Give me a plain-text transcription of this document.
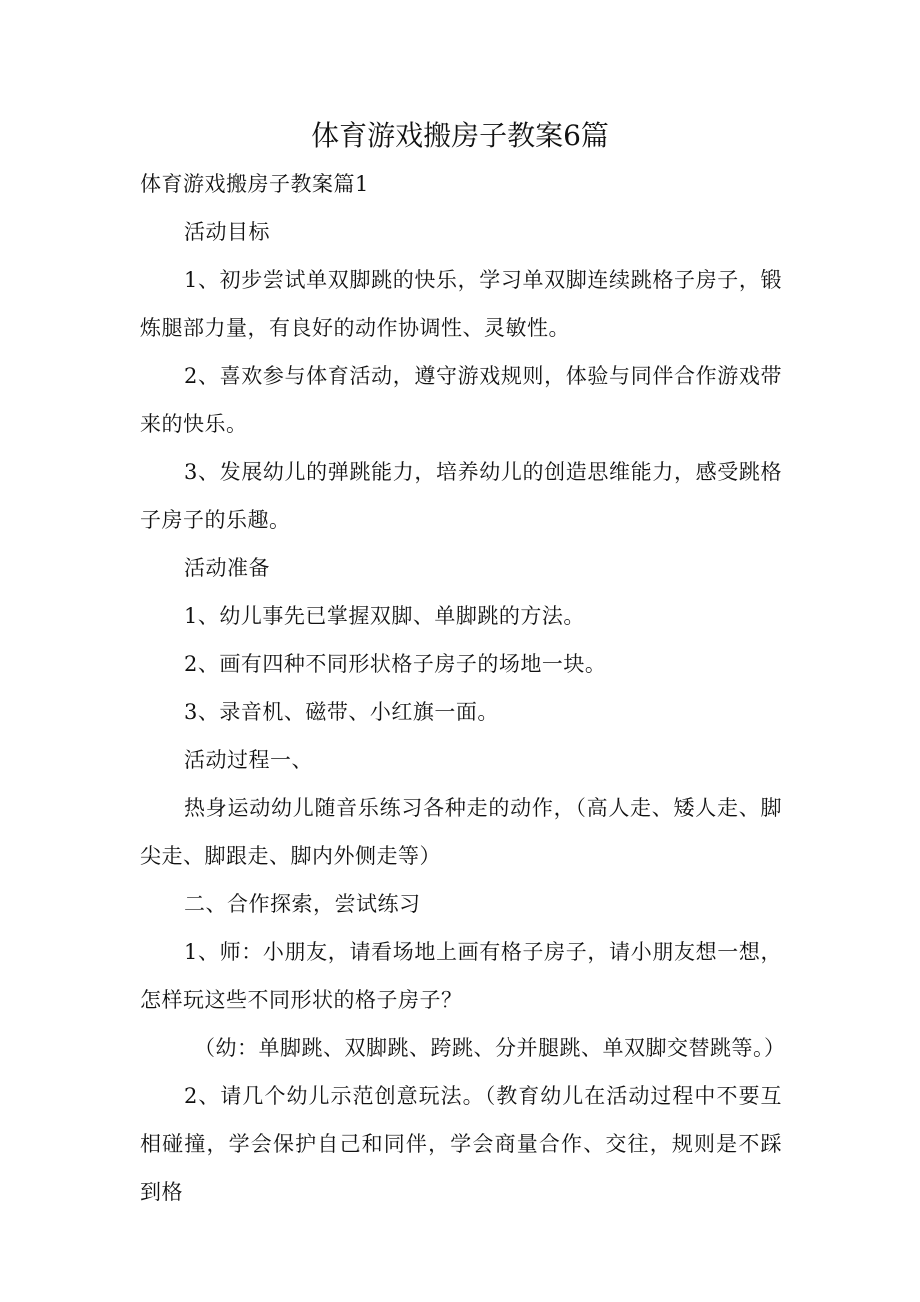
体育游戏搬房子教案6篇

体育游戏搬房子教案篇1

活动目标

1、初步尝试单双脚跳的快乐，学习单双脚连续跳格子房子，锻炼腿部力量，有良好的动作协调性、灵敏性。

2、喜欢参与体育活动，遵守游戏规则，体验与同伴合作游戏带来的快乐。

3、发展幼儿的弹跳能力，培养幼儿的创造思维能力，感受跳格子房子的乐趣。

活动准备

1、幼儿事先已掌握双脚、单脚跳的方法。

2、画有四种不同形状格子房子的场地一块。

3、录音机、磁带、小红旗一面。

活动过程一、

热身运动幼儿随音乐练习各种走的动作，（高人走、矮人走、脚尖走、脚跟走、脚内外侧走等）

二、合作探索，尝试练习

1、师：小朋友，请看场地上画有格子房子，请小朋友想一想，怎样玩这些不同形状的格子房子？

（幼：单脚跳、双脚跳、跨跳、分并腿跳、单双脚交替跳等。）

2、请几个幼儿示范创意玩法。（教育幼儿在活动过程中不要互相碰撞，学会保护自己和同伴，学会商量合作、交往，规则是不踩到格
